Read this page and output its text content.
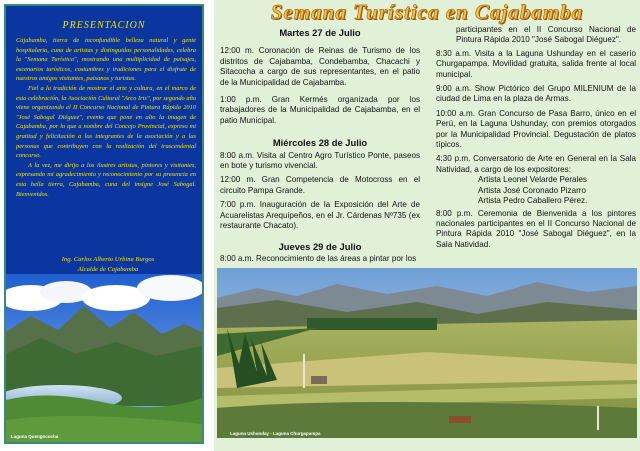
PRESENTACION

Cajabamba, tierra de inconfundible belleza natural y gente hospitalaria, cuna de artistas y distinguidas personalidades, celebra la "Semana Turística", mostrando una multiplicidad de paisajes, escenarios turísticos, costumbres y tradiciones para el disfrute de nuestros amigos visitantes, paisanos y turistas.

Fiel a la tradición de mostrar el arte y cultura, en el marco de esta celebración, la Asociación Cultural "Arco Iris", por segundo año viene organizando el II Concurso Nacional de Pintura Rápida 2010 "José Sabogal Diéguez", evento que pone en alto la imagen de Cajabamba, por lo que a nombre del Concejo Provincial, expreso mi gratitud y felicitación a los integrantes de la asociación y a las personas que contribuyen con la realización del trascendental concurso.

A la vez, me dirijo a los ilustres artistas, pintores y visitantes, expresando mi agradecimiento y reconocimiento por su presencia en esta bella tierra, Cajabamba, cuna del insigne José Sabogal. Bienvenidos.

Ing. Carlos Alberto Urbina Burgos
Alcalde de Cajabamba
Laguna Quengococha
Semana Turística en Cajabamba

Martes 27 de Julio

12:00 m. Coronación de Reinas de Turismo de los distritos de Cajabamba, Condebamba, Chacachi y Sitacocha a cargo de sus representantes, en el patio de la Municipalidad de Cajabamba.

1:00 p.m. Gran Kermés organizada por los trabajadores de la Municipalidad de Cajabamba, en el patio Municipal.

Miércoles 28 de Julio

8:00 a.m. Visita al Centro Agro Turístico Ponte, paseos en bote y turismo vivencial.

12:00 m. Gran Competencia de Motocross en el circuito Pampa Grande.

7:00 p.m. Inauguración de la Exposición del Arte de Acuarelistas Arequipeños, en el Jr. Cárdenas Nº735 (ex restaurante Chacato).

Jueves 29 de Julio

8:00 a.m. Reconocimiento de las áreas a pintar por los

participantes en el II Concurso Nacional de Pintura Rápida 2010 "José Sabogal Diéguez".

8:30 a.m. Visita a la Laguna Ushunday en el caserío Churgapampa. Movilidad gratuita, salida frente al local municipal.

9:00 a.m. Show Pictórico del Grupo MILENIUM de la ciudad de Lima en la plaza de Armas.

10:00 a.m. Gran Concurso de Pasa Barro, único en el Perú, en la Laguna Ushunday, con premios otorgados por la Municipalidad Provincial. Degustación de platos típicos.

4:30 p.m. Conversatorio de Arte en General en la Sala Natividad, a cargo de los expositores:

Artista Leonel Velarde Perales

Artista José Coronado Pizarro

Artista Pedro Caballero Pérez.

8:00 p.m. Ceremonia de Bienvenida a los pintores nacionales participantes en el II Concurso Nacional de Pintura Rápida 2010 "José Sabogal Diéguez", en la Sala Natividad.

Laguna Ushunday - Laguna Churgapampa
